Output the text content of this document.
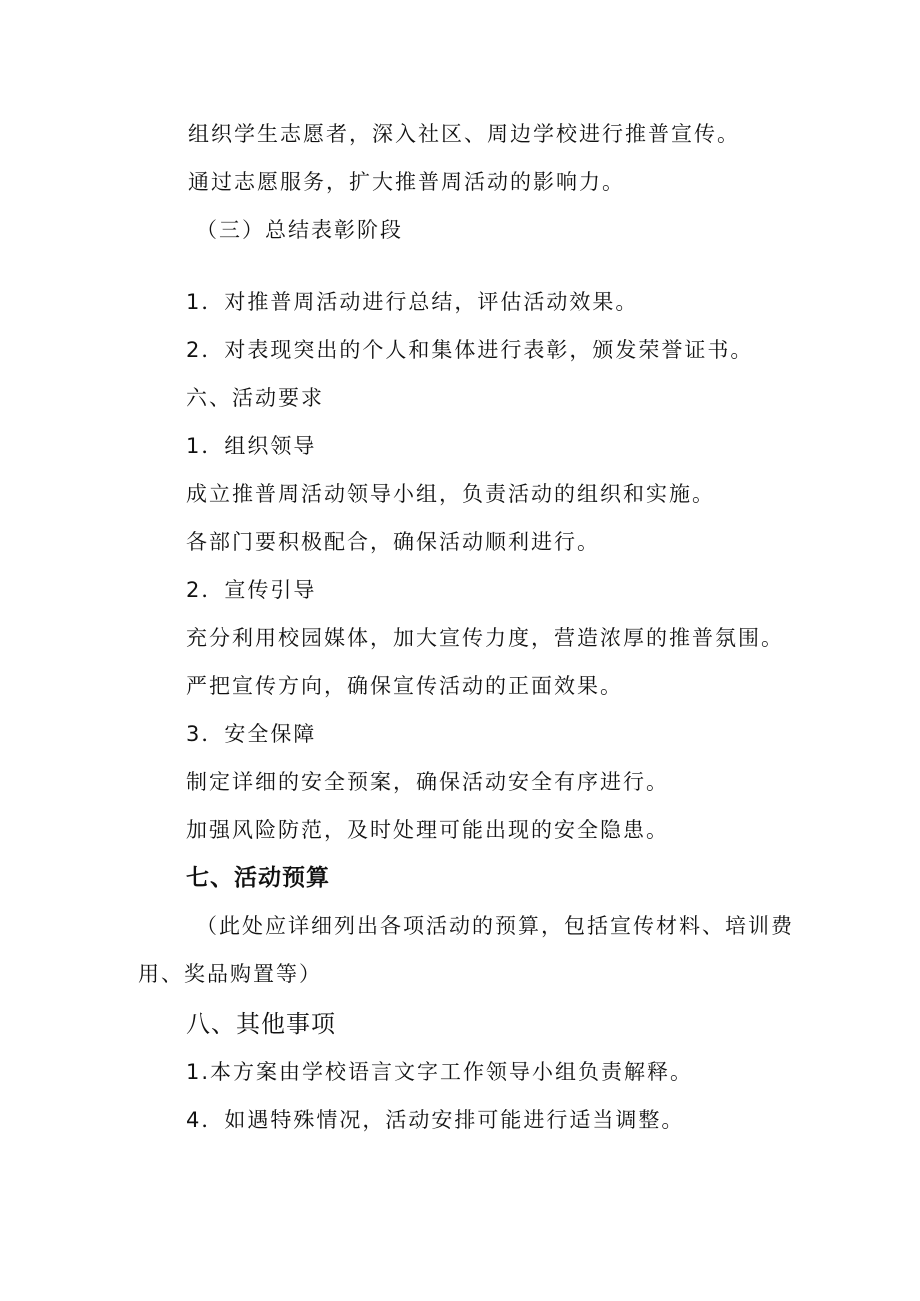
组织学生志愿者，深入社区、周边学校进行推普宣传。

通过志愿服务，扩大推普周活动的影响力。

（三）总结表彰阶段

1．对推普周活动进行总结，评估活动效果。

2．对表现突出的个人和集体进行表彰，颁发荣誉证书。

六、活动要求

1．组织领导

成立推普周活动领导小组，负责活动的组织和实施。

各部门要积极配合，确保活动顺利进行。

2．宣传引导

充分利用校园媒体，加大宣传力度，营造浓厚的推普氛围。

严把宣传方向，确保宣传活动的正面效果。

3．安全保障

制定详细的安全预案，确保活动安全有序进行。

加强风险防范，及时处理可能出现的安全隐患。

七、活动预算

（此处应详细列出各项活动的预算，包括宣传材料、培训费

用、奖品购置等）

八、其他事项

1.本方案由学校语言文字工作领导小组负责解释。

4．如遇特殊情况，活动安排可能进行适当调整。
